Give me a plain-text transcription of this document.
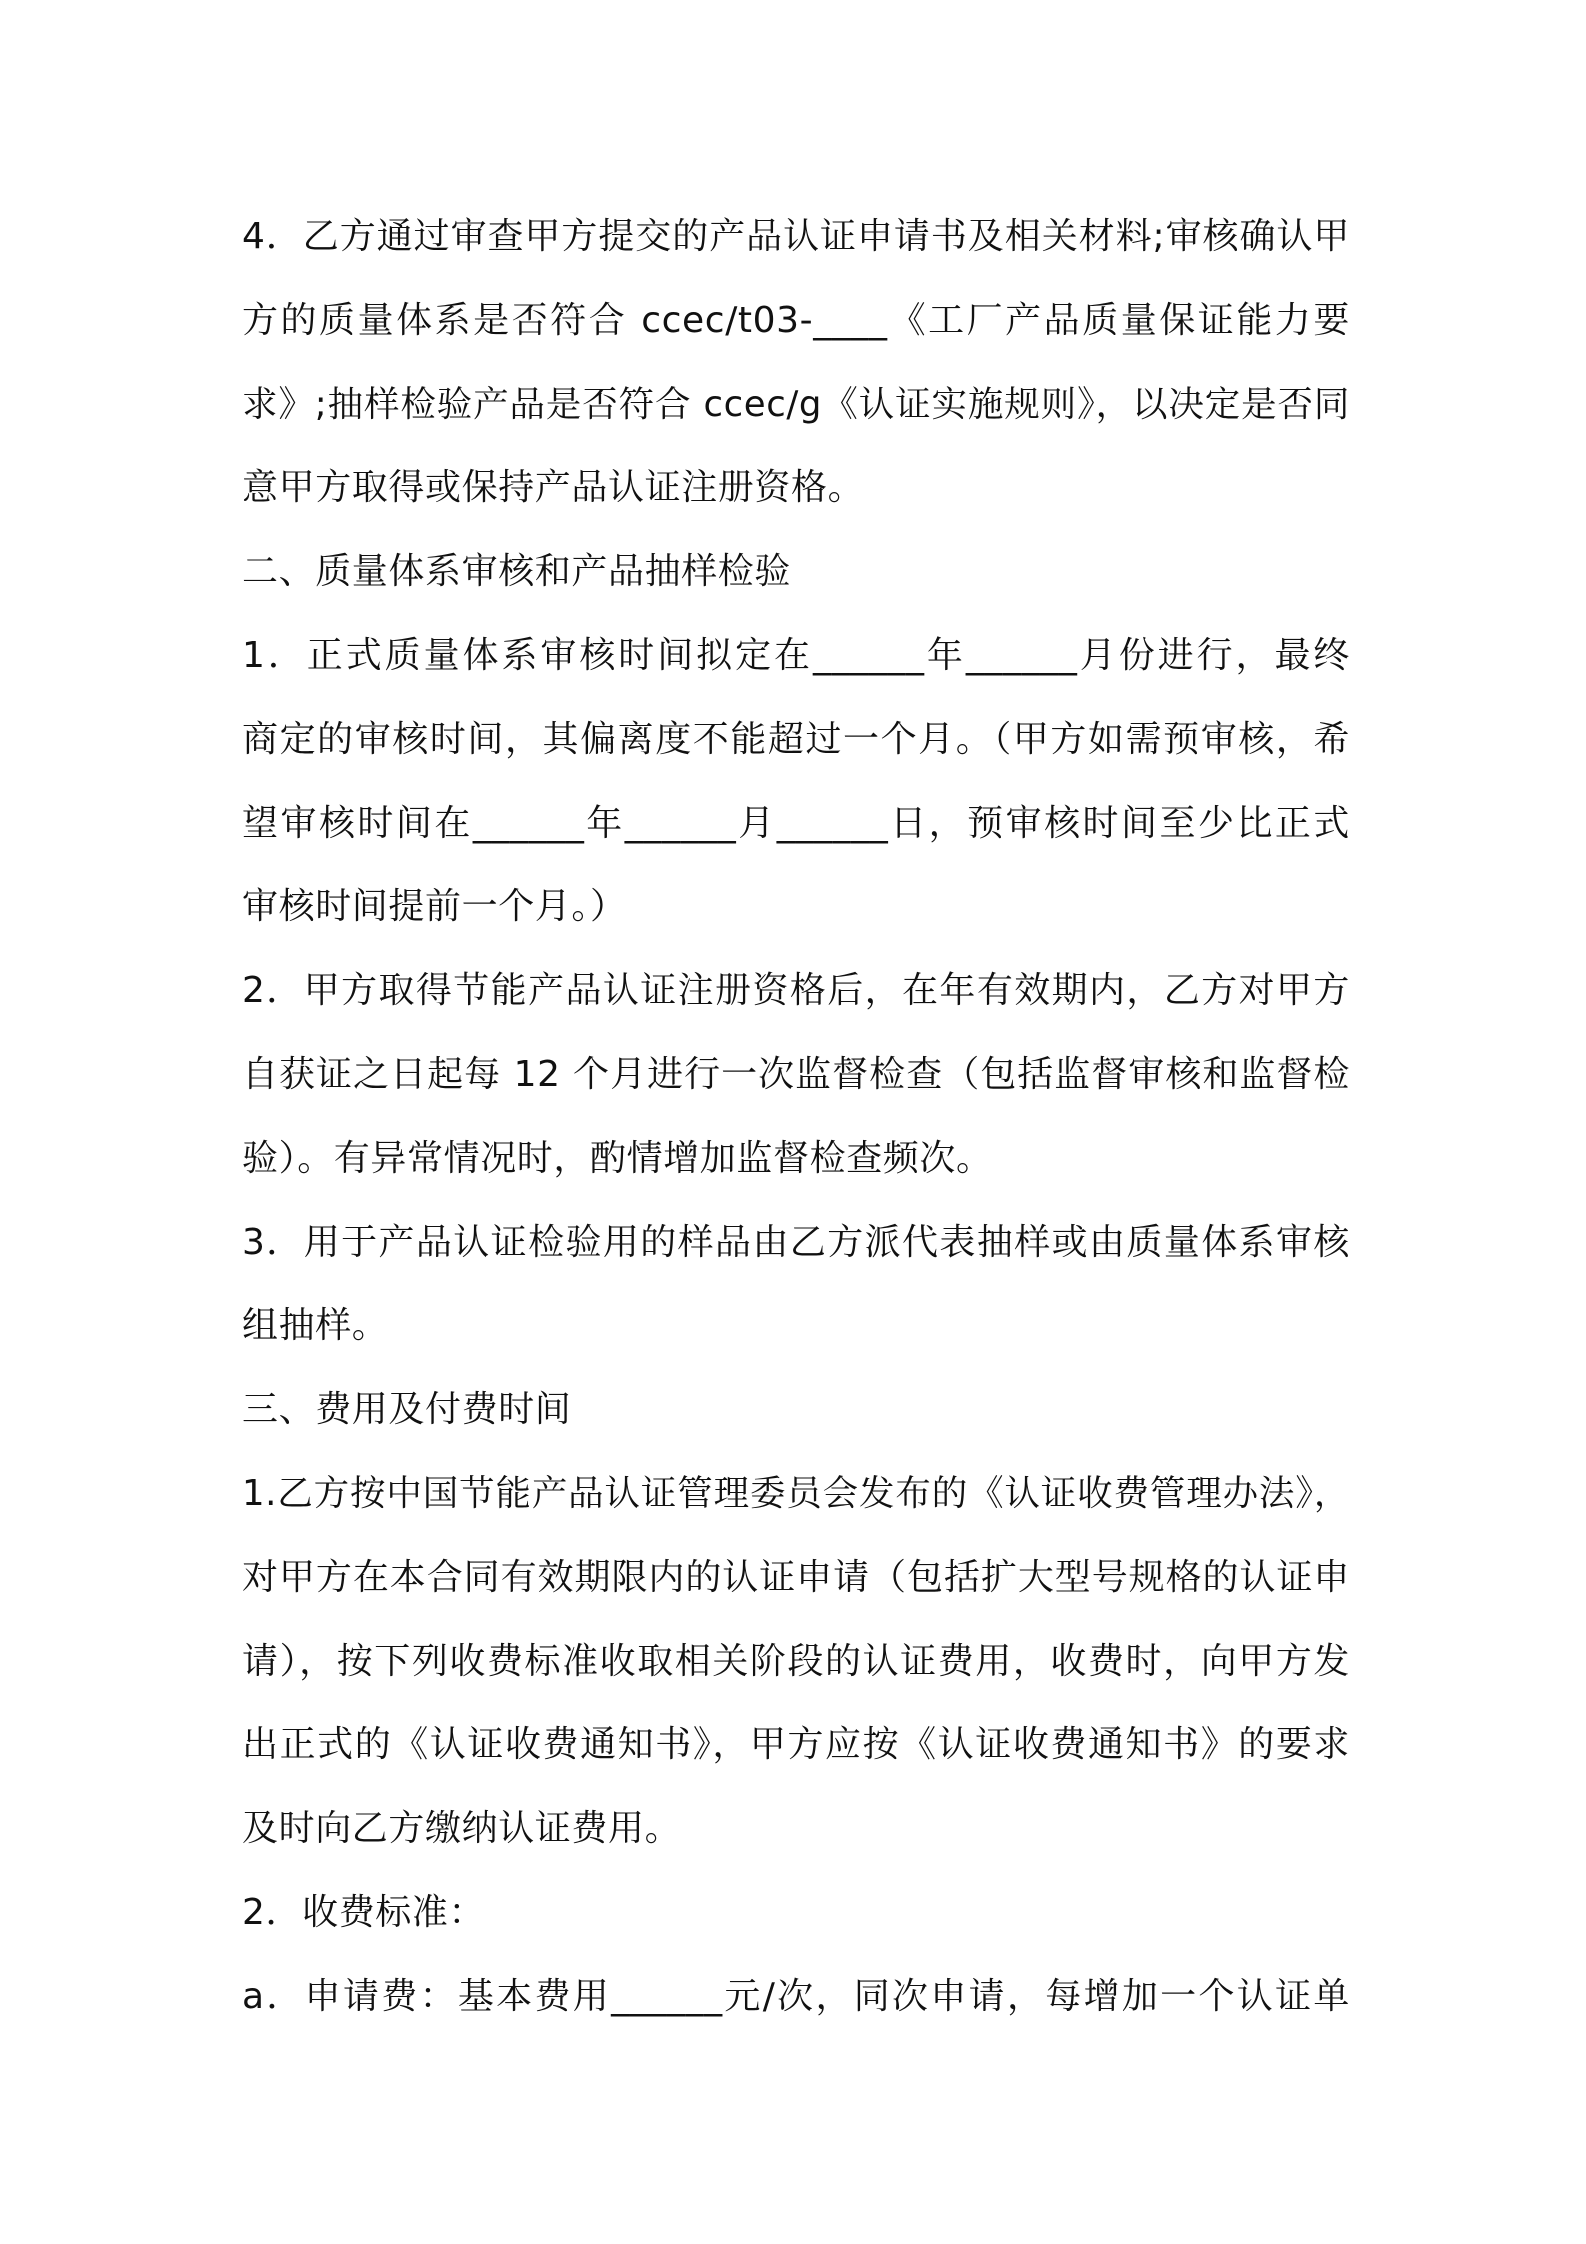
4．乙方通过审查甲方提交的产品认证申请书及相关材料;审核确认甲
方的质量体系是否符合 ccec/t03-____《工厂产品质量保证能力要
求》;抽样检验产品是否符合 ccec/g《认证实施规则》，以决定是否同
意甲方取得或保持产品认证注册资格。
二、质量体系审核和产品抽样检验
1．正式质量体系审核时间拟定在______年______月份进行，最终
商定的审核时间，其偏离度不能超过一个月。（甲方如需预审核，希
望审核时间在______年______月______日，预审核时间至少比正式
审核时间提前一个月。）
2．甲方取得节能产品认证注册资格后，在年有效期内，乙方对甲方
自获证之日起每 12 个月进行一次监督检查（包括监督审核和监督检
验）。有异常情况时，酌情增加监督检查频次。
3．用于产品认证检验用的样品由乙方派代表抽样或由质量体系审核
组抽样。
三、费用及付费时间
1.乙方按中国节能产品认证管理委员会发布的《认证收费管理办法》，
对甲方在本合同有效期限内的认证申请（包括扩大型号规格的认证申
请），按下列收费标准收取相关阶段的认证费用，收费时，向甲方发
出正式的《认证收费通知书》，甲方应按《认证收费通知书》的要求
及时向乙方缴纳认证费用。
2．收费标准：
a．申请费：基本费用______元/次，同次申请，每增加一个认证单
